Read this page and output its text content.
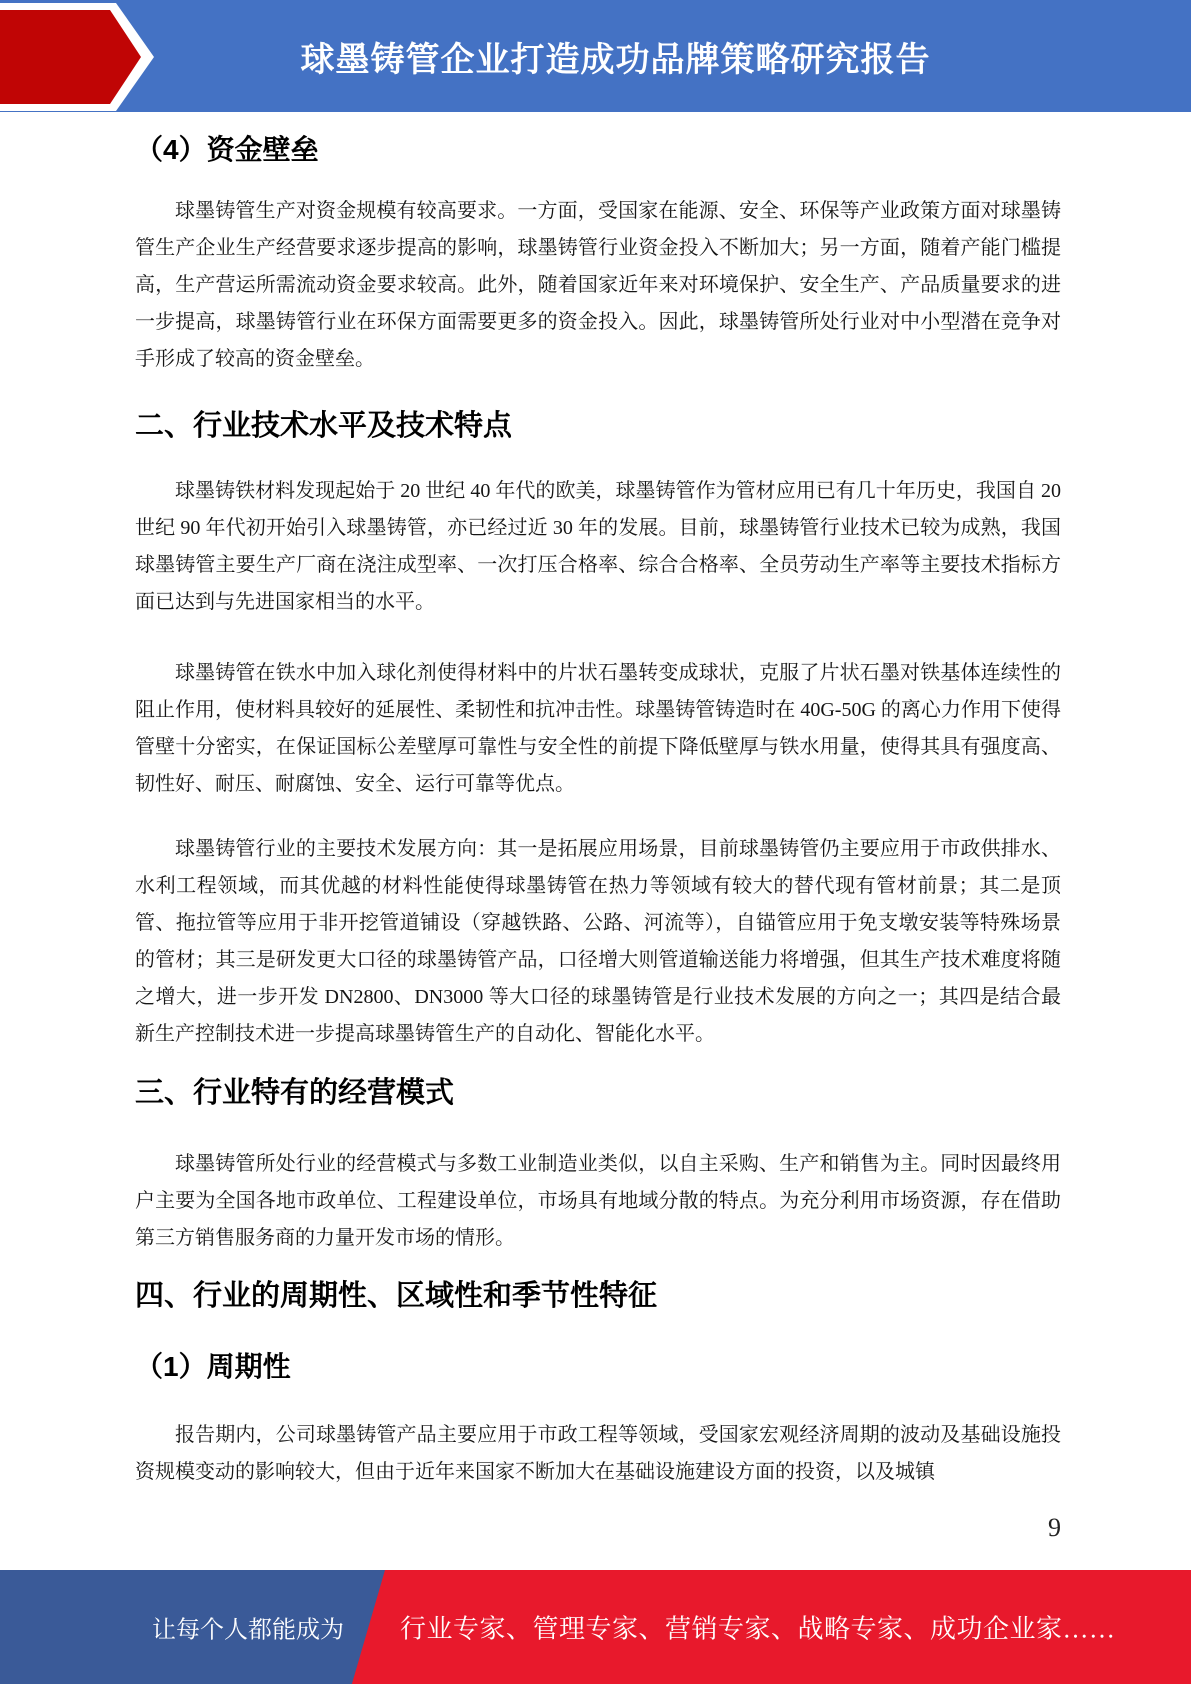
球墨铸管企业打造成功品牌策略研究报告
（4）资金壁垒

球墨铸管生产对资金规模有较高要求。一方面，受国家在能源、安全、环保等产业政策方面对球墨铸管生产企业生产经营要求逐步提高的影响，球墨铸管行业资金投入不断加大；另一方面，随着产能门槛提高，生产营运所需流动资金要求较高。此外，随着国家近年来对环境保护、安全生产、产品质量要求的进一步提高，球墨铸管行业在环保方面需要更多的资金投入。因此，球墨铸管所处行业对中小型潜在竞争对手形成了较高的资金壁垒。

二、行业技术水平及技术特点

球墨铸铁材料发现起始于 20 世纪 40 年代的欧美，球墨铸管作为管材应用已有几十年历史，我国自 20 世纪 90 年代初开始引入球墨铸管，亦已经过近 30 年的发展。目前，球墨铸管行业技术已较为成熟，我国球墨铸管主要生产厂商在浇注成型率、一次打压合格率、综合合格率、全员劳动生产率等主要技术指标方面已达到与先进国家相当的水平。

球墨铸管在铁水中加入球化剂使得材料中的片状石墨转变成球状，克服了片状石墨对铁基体连续性的阻止作用，使材料具较好的延展性、柔韧性和抗冲击性。球墨铸管铸造时在 40G-50G 的离心力作用下使得管壁十分密实，在保证国标公差壁厚可靠性与安全性的前提下降低壁厚与铁水用量，使得其具有强度高、韧性好、耐压、耐腐蚀、安全、运行可靠等优点。

球墨铸管行业的主要技术发展方向：其一是拓展应用场景，目前球墨铸管仍主要应用于市政供排水、水利工程领域，而其优越的材料性能使得球墨铸管在热力等领域有较大的替代现有管材前景；其二是顶管、拖拉管等应用于非开挖管道铺设（穿越铁路、公路、河流等），自锚管应用于免支墩安装等特殊场景的管材；其三是研发更大口径的球墨铸管产品，口径增大则管道输送能力将增强，但其生产技术难度将随之增大，进一步开发 DN2800、DN3000 等大口径的球墨铸管是行业技术发展的方向之一；其四是结合最新生产控制技术进一步提高球墨铸管生产的自动化、智能化水平。

三、行业特有的经营模式

球墨铸管所处行业的经营模式与多数工业制造业类似，以自主采购、生产和销售为主。同时因最终用户主要为全国各地市政单位、工程建设单位，市场具有地域分散的特点。为充分利用市场资源，存在借助第三方销售服务商的力量开发市场的情形。

四、行业的周期性、区域性和季节性特征
（1）周期性

报告期内，公司球墨铸管产品主要应用于市政工程等领域，受国家宏观经济周期的波动及基础设施投资规模变动的影响较大，但由于近年来国家不断加大在基础设施建设方面的投资，以及城镇

9
让每个人都能成为 行业专家、管理专家、营销专家、战略专家、成功企业家……
